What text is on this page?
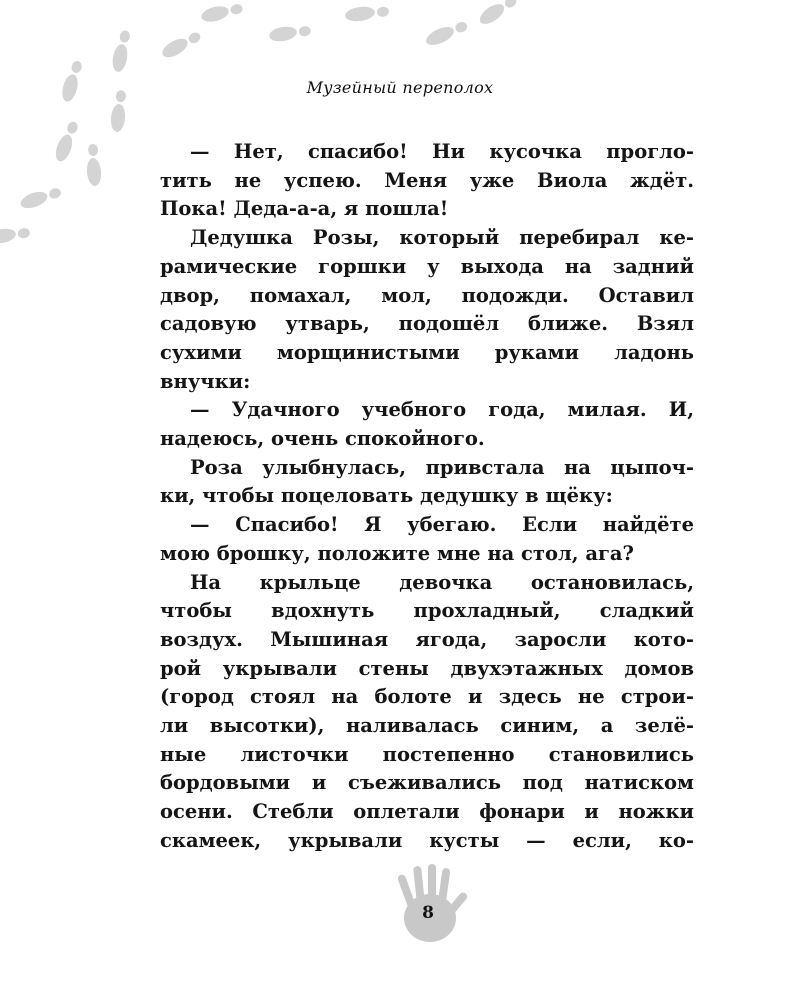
Музейный переполох

— Нет, спасибо! Ни кусочка прогло-
тить не успею. Меня уже Виола ждёт.
Пока! Деда-а-а, я пошла!

Дедушка Розы, который перебирал ке-
рамические горшки у выхода на задний
двор, помахал, мол, подожди. Оставил
садовую утварь, подошёл ближе. Взял
сухими морщинистыми руками ладонь
внучки:

— Удачного учебного года, милая. И,
надеюсь, очень спокойного.

Роза улыбнулась, привстала на цыпоч-
ки, чтобы поцеловать дедушку в щёку:

— Спасибо! Я убегаю. Если найдёте
мою брошку, положите мне на стол, ага?

На крыльце девочка остановилась,
чтобы вдохнуть прохладный, сладкий
воздух. Мышиная ягода, заросли кото-
рой укрывали стены двухэтажных домов
(город стоял на болоте и здесь не строи-
ли высотки), наливалась синим, а зелё-
ные листочки постепенно становились
бордовыми и съеживались под натиском
осени. Стебли оплетали фонари и ножки
скамеек, укрывали кусты — если, ко-

8
